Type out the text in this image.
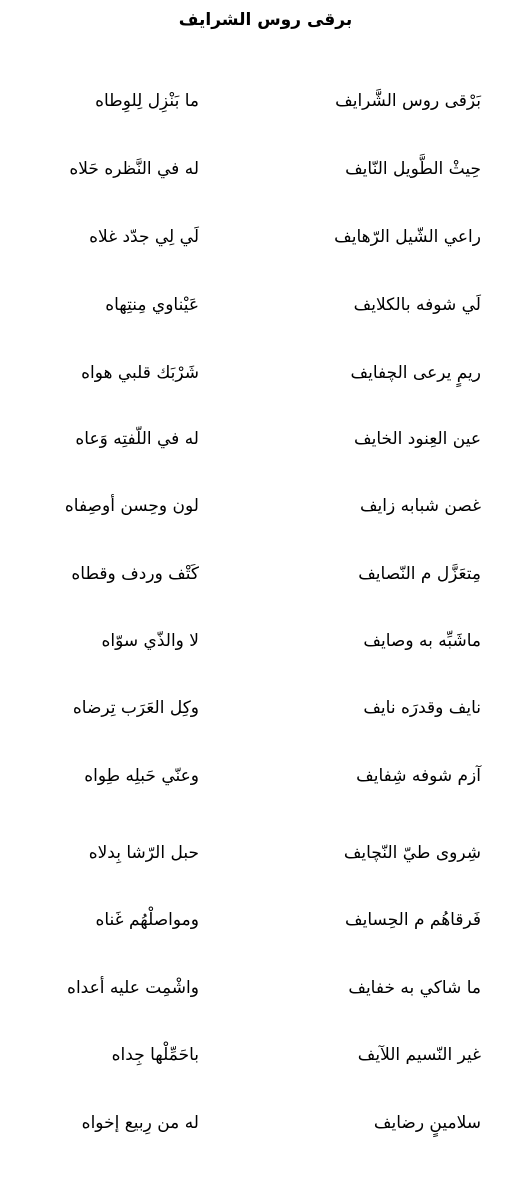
برقى روس الشرايف
بَرْقى روس الشَّرايف
ما بَنْزِل لِلوِطاه
حِيثْ الطَّويل النّايف
له في النَّظره حَلاه
راعي الشّيل الرّهايف
لَي لِي جدّد غلاه
لَي شوفه بالكلايف
عَيْناوي مِنتِهاه
ريمٍ يرعى الچفايف
شَرْبَك قلبي هواه
عين العِنود الخايف
له في اللّفتِه وَعاه
غصن شبابه زايف
لون وحِسن أوصِفاه
مِتعَزَّل م النّصايف
كَتْف وردف وقطاه
ماشَبِّه به وصايف
لا والذّي سوّاه
نايف وقدرَه نايف
وكِل العَرَب تِرضاه
آزم شوفه شِفايف
وعنّي حَبلِه طِواه
شِروى طيّ النّچايف
حبل الرّشا بِدلاه
فَرقاهُم م الحِسايف
ومواصلْهُم غَناه
ما شاكي به خفايف
واشْمِت عليه أعداه
غير النّسيم اللآيف
باحَمِّلْها جِداه
سلامينٍ رضايف
له من رِبيع إخواه
